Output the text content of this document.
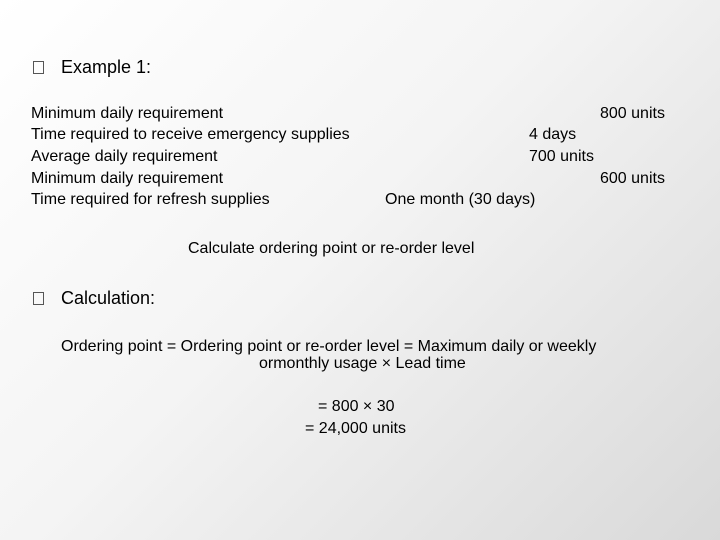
Example 1:
Minimum daily requirement	800 units
Time required to receive emergency supplies	4 days
Average daily requirement	700 units
Minimum daily requirement	600 units
Time required for refresh supplies	One month (30 days)
Calculate ordering point or re-order level
Calculation:
Ordering point = Ordering point or re-order level = Maximum daily or weekly
ormonthly usage × Lead time
= 800 × 30
= 24,000 units
